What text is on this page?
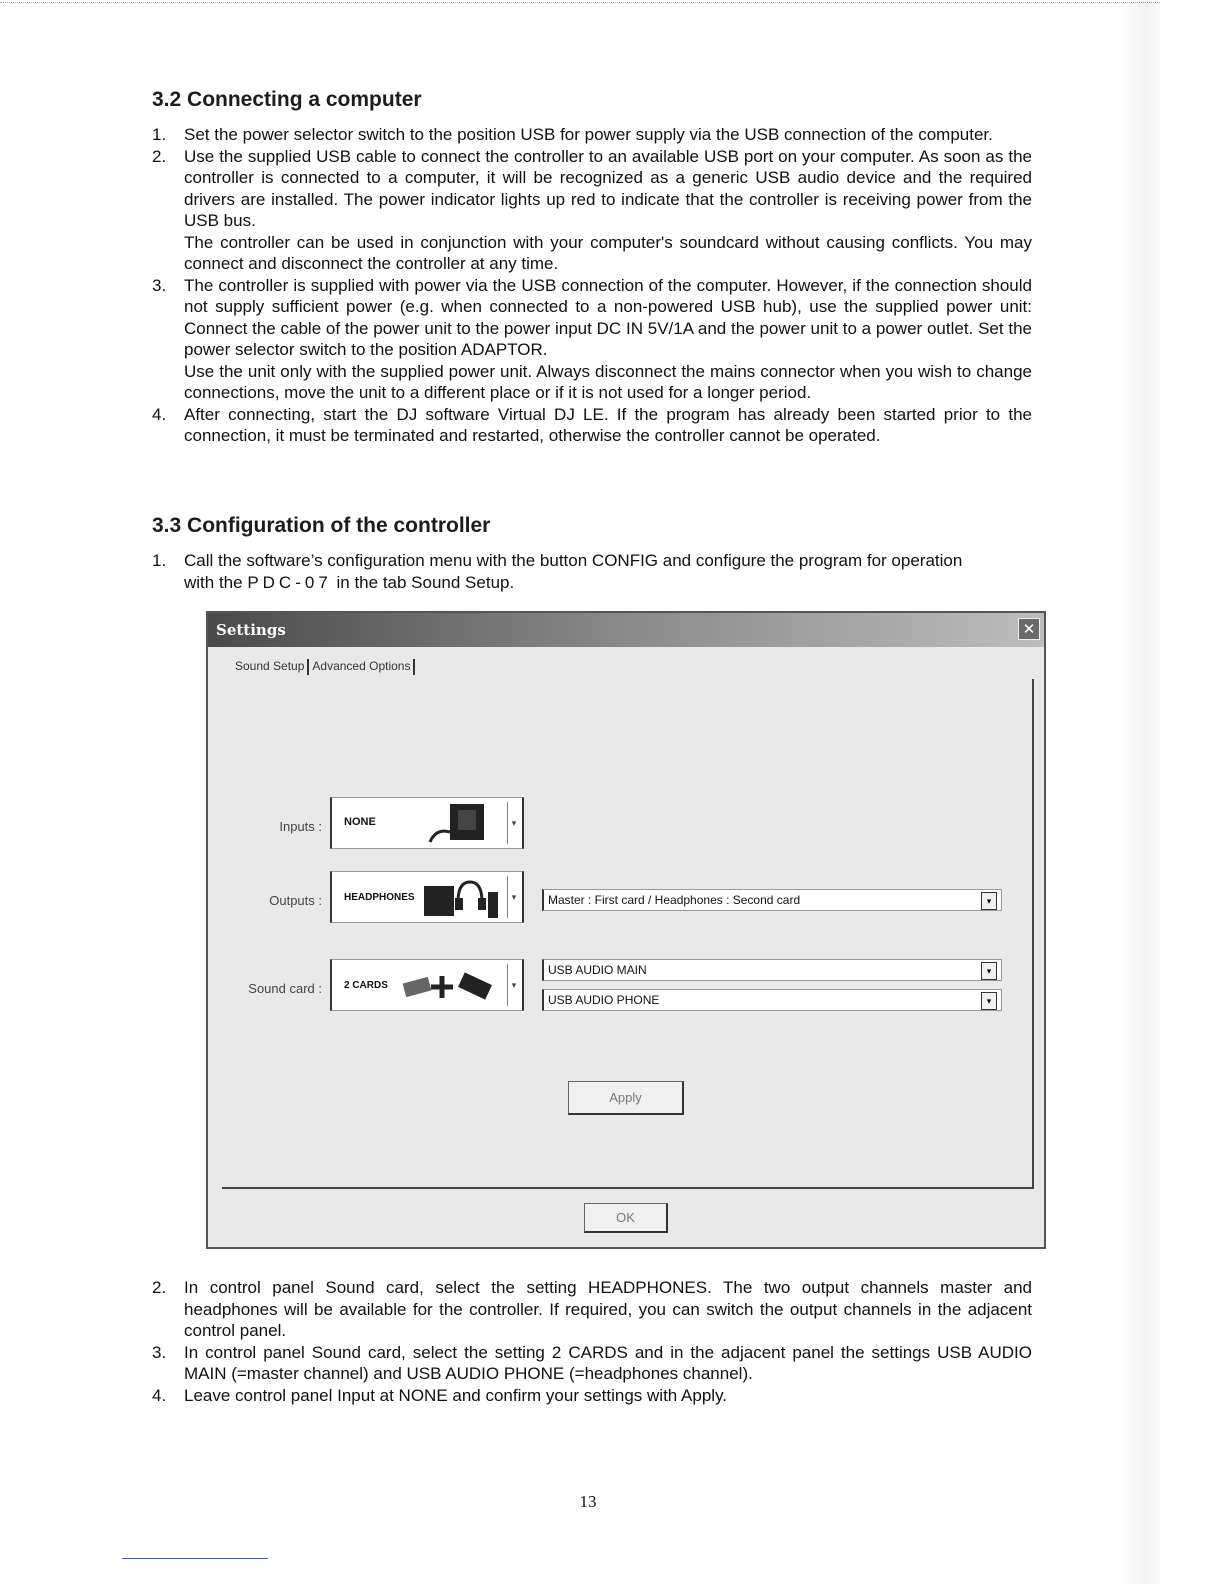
3.2 Connecting a computer
1. Set the power selector switch to the position USB for power supply via the USB connection of the computer.

2. Use the supplied USB cable to connect the controller to an available USB port on your computer. As soon as the controller is connected to a computer, it will be recognized as a generic USB audio device and the required drivers are installed. The power indicator lights up red to indicate that the controller is receiving power from the USB bus.

The controller can be used in conjunction with your computer's soundcard without causing conflicts. You may connect and disconnect the controller at any time.

3. The controller is supplied with power via the USB connection of the computer. However, if the connection should not supply sufficient power (e.g. when connected to a non-powered USB hub), use the supplied power unit: Connect the cable of the power unit to the power input DC IN 5V/1A and the power unit to a power outlet. Set the power selector switch to the position ADAPTOR.

Use the unit only with the supplied power unit. Always disconnect the mains connector when you wish to change connections, move the unit to a different place or if it is not used for a longer period.

4. After connecting, start the DJ software Virtual DJ LE. If the program has already been started prior to the connection, it must be terminated and restarted, otherwise the controller cannot be operated.

3.3 Configuration of the controller
1. Call the software’s configuration menu with the button CONFIG and configure the program for operation
with the PDC-07 in the tab Sound Setup.

Settings	✕
Sound Setup Advanced Options
Inputs : NONE	▾
Outputs : HEADPHONES	▾	Master : First card / Headphones : Second card	▾
Sound card : 2 CARDS	▾
USB AUDIO MAIN	▾
USB AUDIO PHONE	▾
Apply
OK
2. In control panel Sound card, select the setting HEADPHONES. The two output channels master and headphones will be available for the controller. If required, you can switch the output channels in the adjacent control panel.

3. In control panel Sound card, select the setting 2 CARDS and in the adjacent panel the settings USB AUDIO MAIN (=master channel) and USB AUDIO PHONE (=headphones channel).

4. Leave control panel Input at NONE and confirm your settings with Apply.

13
